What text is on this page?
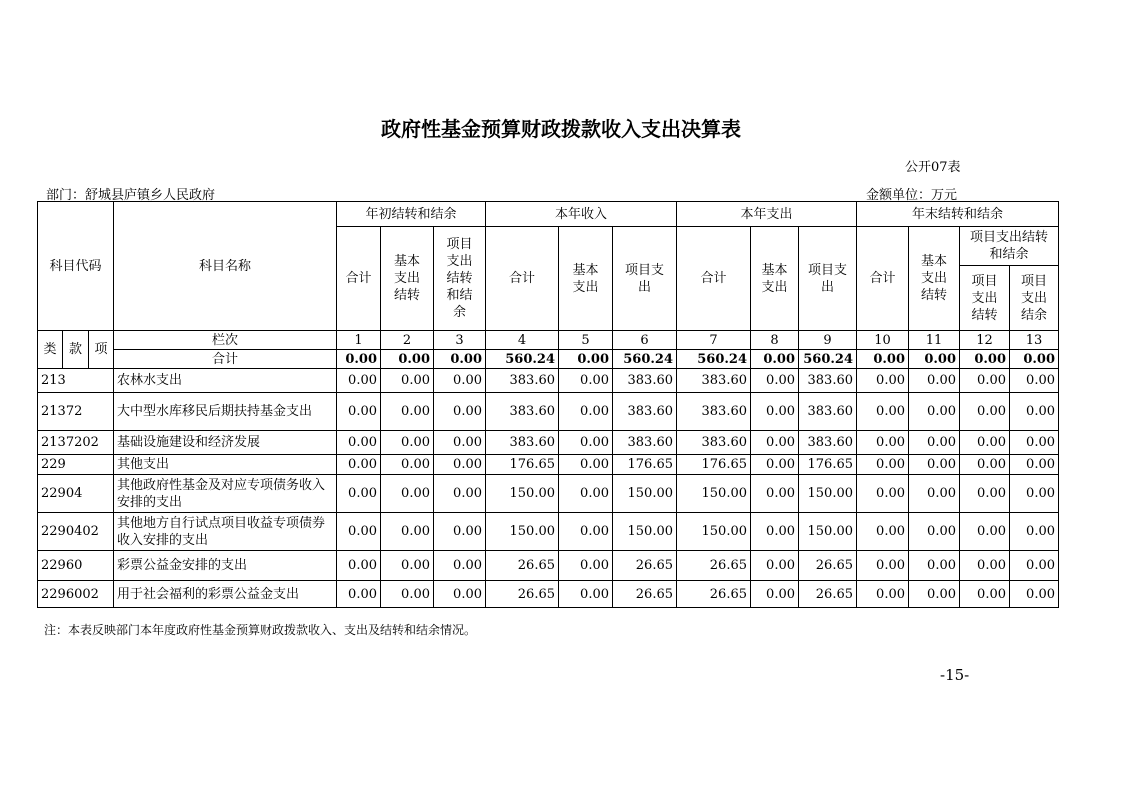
政府性基金预算财政拨款收入支出决算表
公开07表
部门：舒城县庐镇乡人民政府	金额单位：万元
科目代码			科目名称	年初结转和结余			本年收入			本年支出			年末结转和结余			
				合计	基本支出结转	项目支出结转和结余	合计	基本支出	项目支出	合计	基本支出	项目支出	合计	基本支出结转	项目支出结转和结余	

															项目支出结转	项目支出结余

类	款	项	栏次	1	2	3	4	5	6	7	8	9	10	11	12	13
			合计	0.00	0.00	0.00	560.24	0.00	560.24	560.24	0.00	560.24	0.00	0.00	0.00	0.00
213			农林水支出	0.00	0.00	0.00	383.60	0.00	383.60	383.60	0.00	383.60	0.00	0.00	0.00	0.00
21372			大中型水库移民后期扶持基金支出	0.00	0.00	0.00	383.60	0.00	383.60	383.60	0.00	383.60	0.00	0.00	0.00	0.00
2137202			基础设施建设和经济发展	0.00	0.00	0.00	383.60	0.00	383.60	383.60	0.00	383.60	0.00	0.00	0.00	0.00
229			其他支出	0.00	0.00	0.00	176.65	0.00	176.65	176.65	0.00	176.65	0.00	0.00	0.00	0.00
22904			其他政府性基金及对应专项债务收入安排的支出	0.00	0.00	0.00	150.00	0.00	150.00	150.00	0.00	150.00	0.00	0.00	0.00	0.00
2290402			其他地方自行试点项目收益专项债券收入安排的支出	0.00	0.00	0.00	150.00	0.00	150.00	150.00	0.00	150.00	0.00	0.00	0.00	0.00
22960			彩票公益金安排的支出	0.00	0.00	0.00	26.65	0.00	26.65	26.65	0.00	26.65	0.00	0.00	0.00	0.00
2296002			用于社会福利的彩票公益金支出	0.00	0.00	0.00	26.65	0.00	26.65	26.65	0.00	26.65	0.00	0.00	0.00	0.00
注：本表反映部门本年度政府性基金预算财政拨款收入、支出及结转和结余情况。
-15-
